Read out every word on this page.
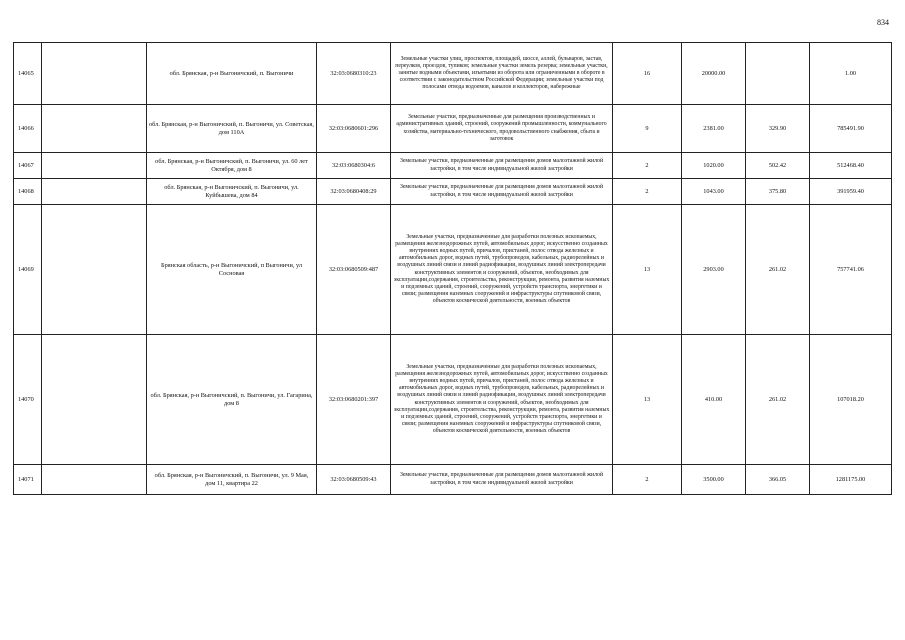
834
14065		обл. Брянская, р-н Выгоничский, п. Выгоничи	32:03:0680310:23	Земельные участки улиц, проспектов, площадей, шоссе, аллей, бульваров, застав, переулков, проездов, тупиков; земельные участки земель резерва; земельные участки, занятые водными объектами, изъятыми из оборота или ограниченными в обороте в соответствии с законодательством Российской Федерации; земельные участки под полосами отвода водоемов, каналов и коллекторов, набережные	16	20000.00		1.00
14066		обл. Брянская, р-н Выгоничский, п. Выгоничи, ул. Советская, дом 110А	32:03:0680601:296	Земельные участки, предназначенные для размещения производственных и административных зданий, строений, сооружений промышленности, коммунального хозяйства, материально-технического, продовольственного снабжения, сбыта и заготовок	9	2381.00	329.90	785491.90
14067		обл. Брянская, р-н Выгоничский, п. Выгоничи, ул. 60 лет Октября, дом 8	32:03:0680304:6	Земельные участки, предназначенные для размещения домов малоэтажной жилой застройки, в том числе индивидуальной жилой застройки	2	1020.00	502.42	512468.40
14068		обл. Брянская, р-н Выгоничский, п. Выгоничи, ул. Куйбышева, дом 84	32:03:0680408:29	Земельные участки, предназначенные для размещения домов малоэтажной жилой застройки, в том числе индивидуальной жилой застройки	2	1043.00	375.80	391959.40
14069		Брянская область, р-н Выгоничский, п Выгоничи, ул Сосновая	32:03:0680509:487	Земельные участки, предназначенные для разработки полезных ископаемых, размещения железнодорожных путей, автомобильных дорог, искусственно созданных внутренних водных путей, причалов, пристаней, полос отвода железных и автомобильных дорог, водных путей, трубопроводов, кабельных, радиорелейных и воздушных линий связи и линий радиофикации, воздушных линий электропередачи конструктивных элементов и сооружений, объектов, необходимых для эксплуатации,содержания, строительства, реконструкции, ремонта, развития наземных и подземных зданий, строений, сооружений, устройств транспорта, энергетики и связи; размещения наземных сооружений и инфраструктуры спутниковой связи, объектов космической деятельности, военных объектов	13	2903.00	261.02	757741.06
14070		обл. Брянская, р-н Выгоничский, п. Выгоничи, ул. Гагарина, дом 8	32:03:0680201:397	Земельные участки, предназначенные для разработки полезных ископаемых, размещения железнодорожных путей, автомобильных дорог, искусственно созданных внутренних водных путей, причалов, пристаней, полос отвода железных и автомобильных дорог, водных путей, трубопроводов, кабельных, радиорелейных и воздушных линий связи и линий радиофикации, воздушных линий электропередачи конструктивных элементов и сооружений, объектов, необходимых для эксплуатации,содержания, строительства, реконструкции, ремонта, развития наземных и подземных зданий, строений, сооружений, устройств транспорта, энергетики и связи; размещения наземных сооружений и инфраструктуры спутниковой связи, объектов космической деятельности, военных объектов	13	410.00	261.02	107018.20
14071		обл. Брянская, р-н Выгоничский, п. Выгоничи, ул. 9 Мая, дом 11, квартира 22	32:03:0680509:43	Земельные участки, предназначенные для размещения домов малоэтажной жилой застройки, в том числе индивидуальной жилой застройки	2	3500.00	366.05	1281175.00
